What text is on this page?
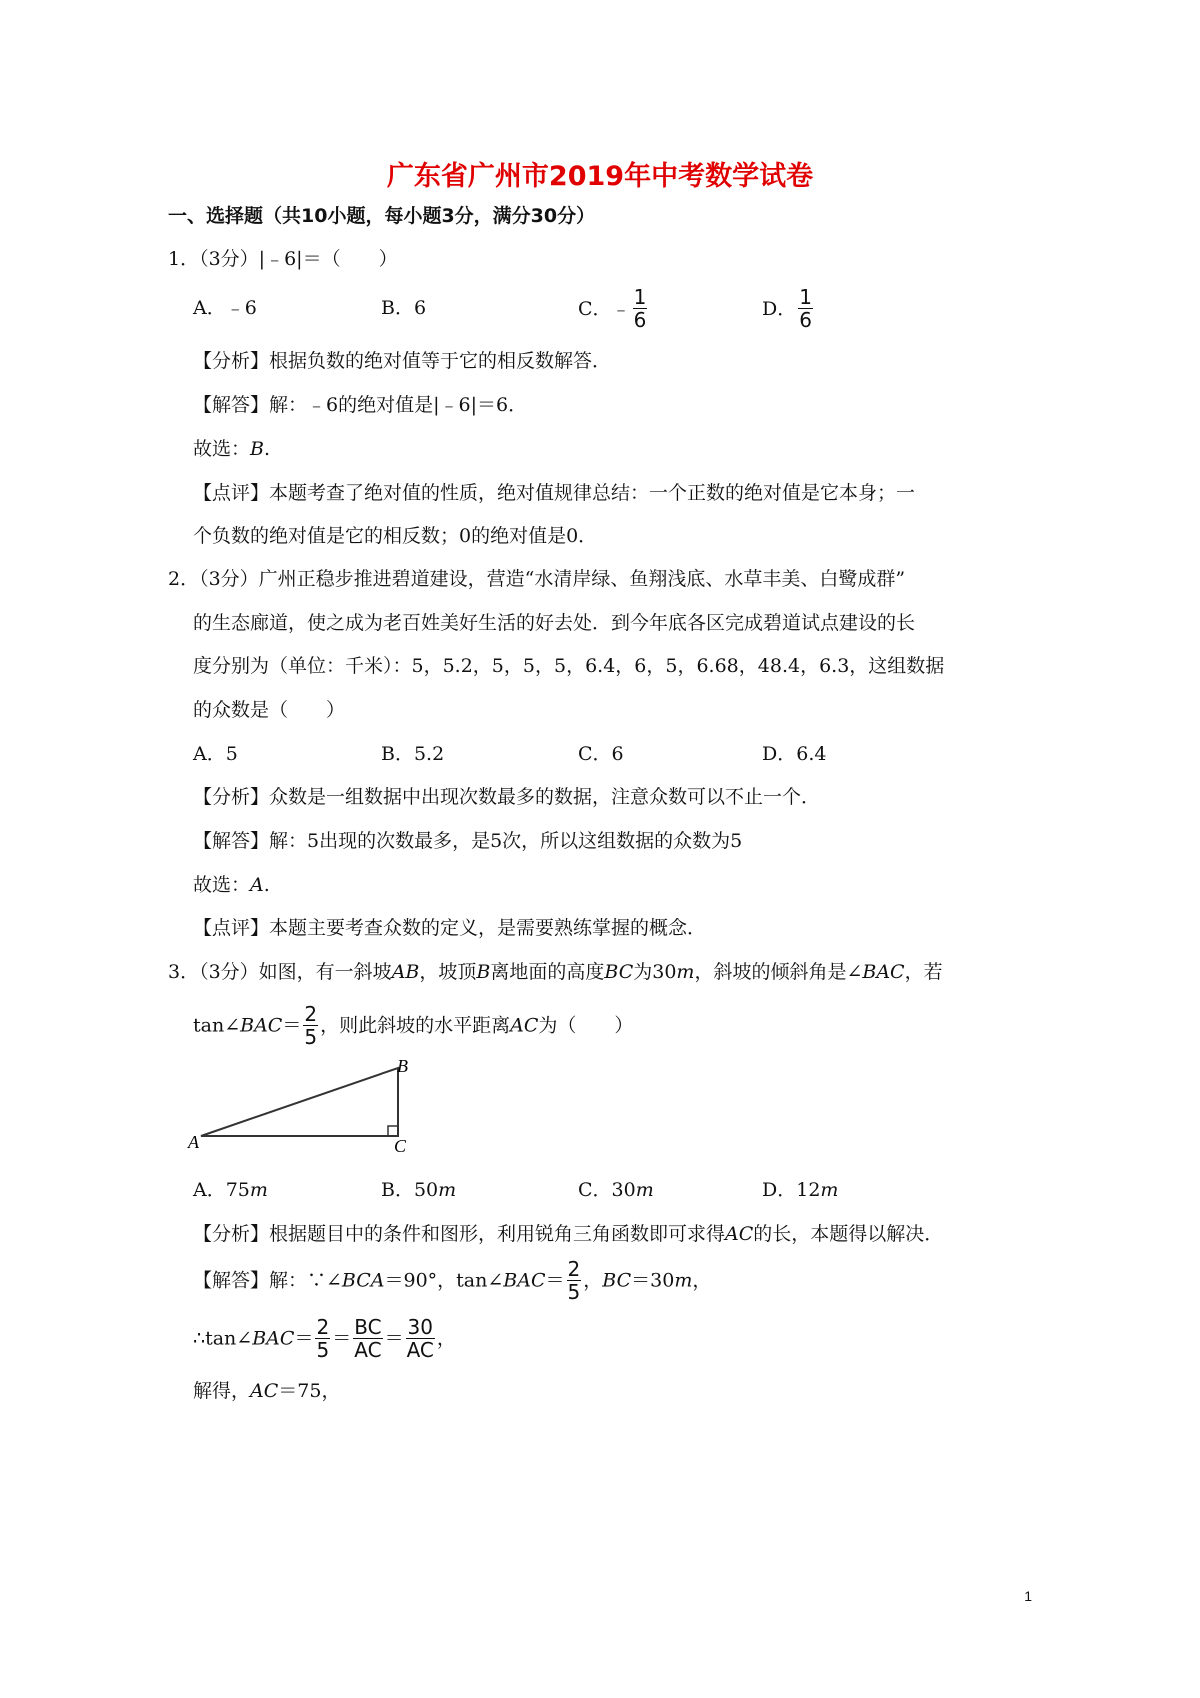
广东省广州市2019年中考数学试卷
一、选择题（共10小题，每小题3分，满分30分）
1．（3分）|﹣6|＝（　　）
A．﹣6	B．6	C．﹣ $\frac{1}{6}$	D． $\frac{1}{6}$
【分析】根据负数的绝对值等于它的相反数解答．
【解答】解：﹣6的绝对值是|﹣6|＝6．
故选：B.
【点评】本题考查了绝对值的性质，绝对值规律总结：一个正数的绝对值是它本身；一
个负数的绝对值是它的相反数；0的绝对值是0．
2．（3分）广州正稳步推进碧道建设，营造“水清岸绿、鱼翔浅底、水草丰美、白鹭成群”
的生态廊道，使之成为老百姓美好生活的好去处．到今年底各区完成碧道试点建设的长
度分别为（单位：千米）：5，5.2，5，5，5，6.4，6，5，6.68，48.4，6.3，这组数据
的众数是（　　）
A．5	B．5.2	C．6	D．6.4
【分析】众数是一组数据中出现次数最多的数据，注意众数可以不止一个．
【解答】解：5出现的次数最多，是5次，所以这组数据的众数为5
故选：A.
【点评】本题主要考查众数的定义，是需要熟练掌握的概念．
3．（3分）如图，有一斜坡AB，坡顶B离地面的高度BC为30m，斜坡的倾斜角是∠BAC，若
tan∠BAC＝ $\frac{2}{5}$ ，则此斜坡的水平距离AC为（　　）
A
B
C
A．75m	B．50m	C．30m	D．12m
【分析】根据题目中的条件和图形，利用锐角三角函数即可求得AC的长，本题得以解决．
【解答】解：∵∠BCA＝90°，tan∠BAC＝ $\frac{2}{5}$ ，BC＝30m，
∴tan∠BAC＝ $\frac{2}{5} = \frac{BC}{AC} = \frac{30}{AC}$ ，
解得，AC＝75，
1
